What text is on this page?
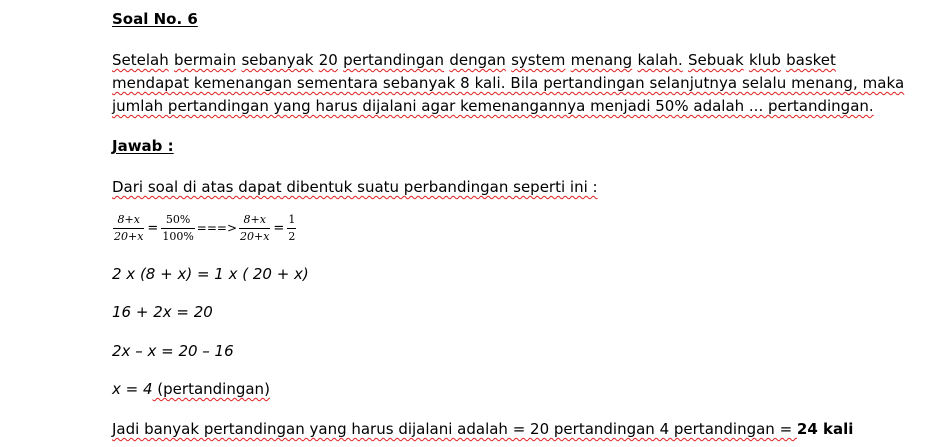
Soal No. 6
Setelah bermain sebanyak 20 pertandingan dengan system menang kalah. Sebuak klub basket
mendapat kemenangan sementara sebanyak 8 kali. Bila pertandingan selanjutnya selalu menang, maka
jumlah pertandingan yang harus dijalani agar kemenangannya menjadi 50% adalah ... pertandingan.
Jawab :
Dari soal di atas dapat dibentuk suatu perbandingan seperti ini :
$\frac{8+x}{20+x} = \frac{50\%}{100\%}$ ===> $\frac{8+x}{20+x} = \frac{1}{2}$
2 x (8 + x) = 1 x ( 20 + x)
16 + 2x = 20
2x – x = 20 – 16
x = 4 (pertandingan)
Jadi banyak pertandingan yang harus dijalani adalah = 20 pertandingan 4 pertandingan = 24 kali
